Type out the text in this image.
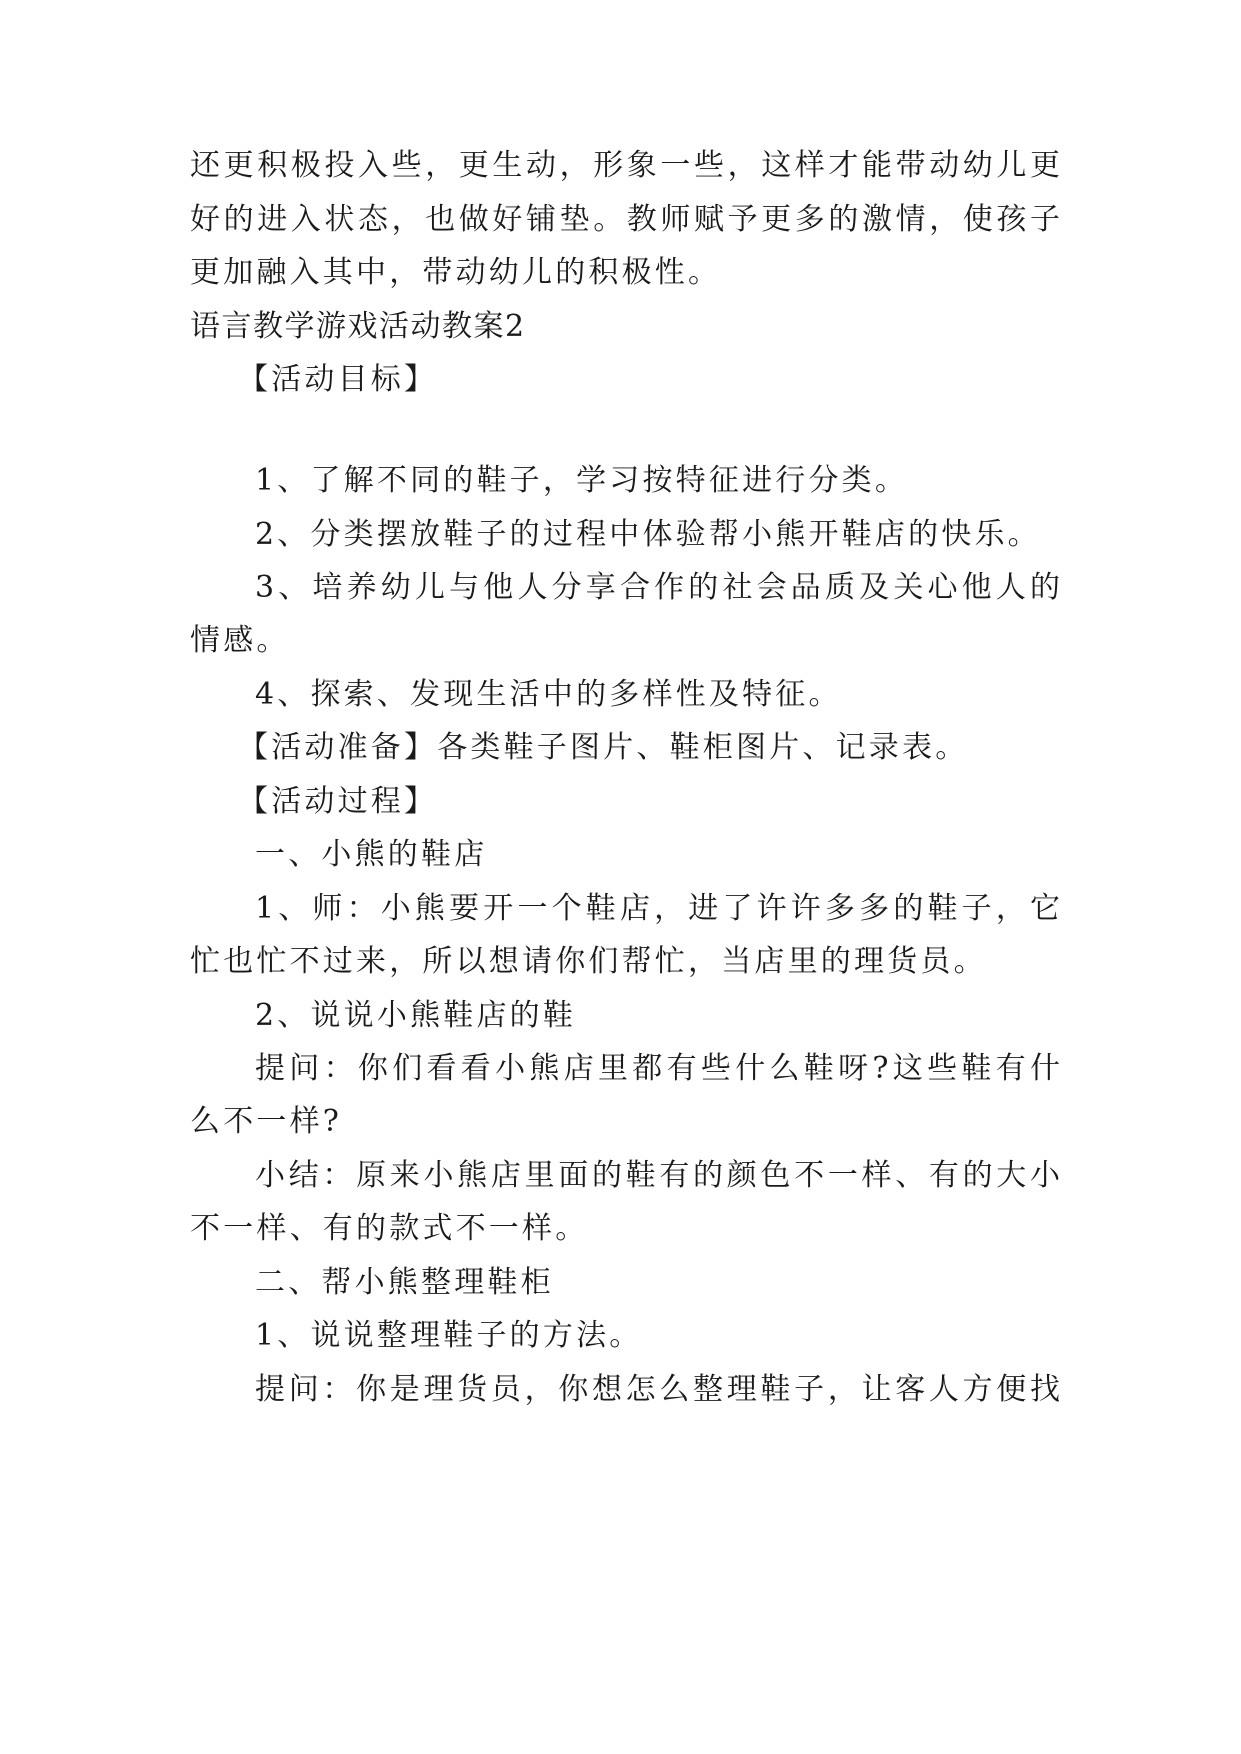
还更积极投入些，更生动，形象一些，这样才能带动幼儿更
好的进入状态，也做好铺垫。教师赋予更多的激情，使孩子
更加融入其中，带动幼儿的积极性。
语言教学游戏活动教案2
【活动目标】
1、了解不同的鞋子，学习按特征进行分类。
2、分类摆放鞋子的过程中体验帮小熊开鞋店的快乐。
3、培养幼儿与他人分享合作的社会品质及关心他人的
情感。
4、探索、发现生活中的多样性及特征。
【活动准备】各类鞋子图片、鞋柜图片、记录表。
【活动过程】
一、小熊的鞋店
1、师：小熊要开一个鞋店，进了许许多多的鞋子，它
忙也忙不过来，所以想请你们帮忙，当店里的理货员。
2、说说小熊鞋店的鞋
提问：你们看看小熊店里都有些什么鞋呀?这些鞋有什
么不一样?
小结：原来小熊店里面的鞋有的颜色不一样、有的大小
不一样、有的款式不一样。
二、帮小熊整理鞋柜
1、说说整理鞋子的方法。
提问：你是理货员，你想怎么整理鞋子，让客人方便找
